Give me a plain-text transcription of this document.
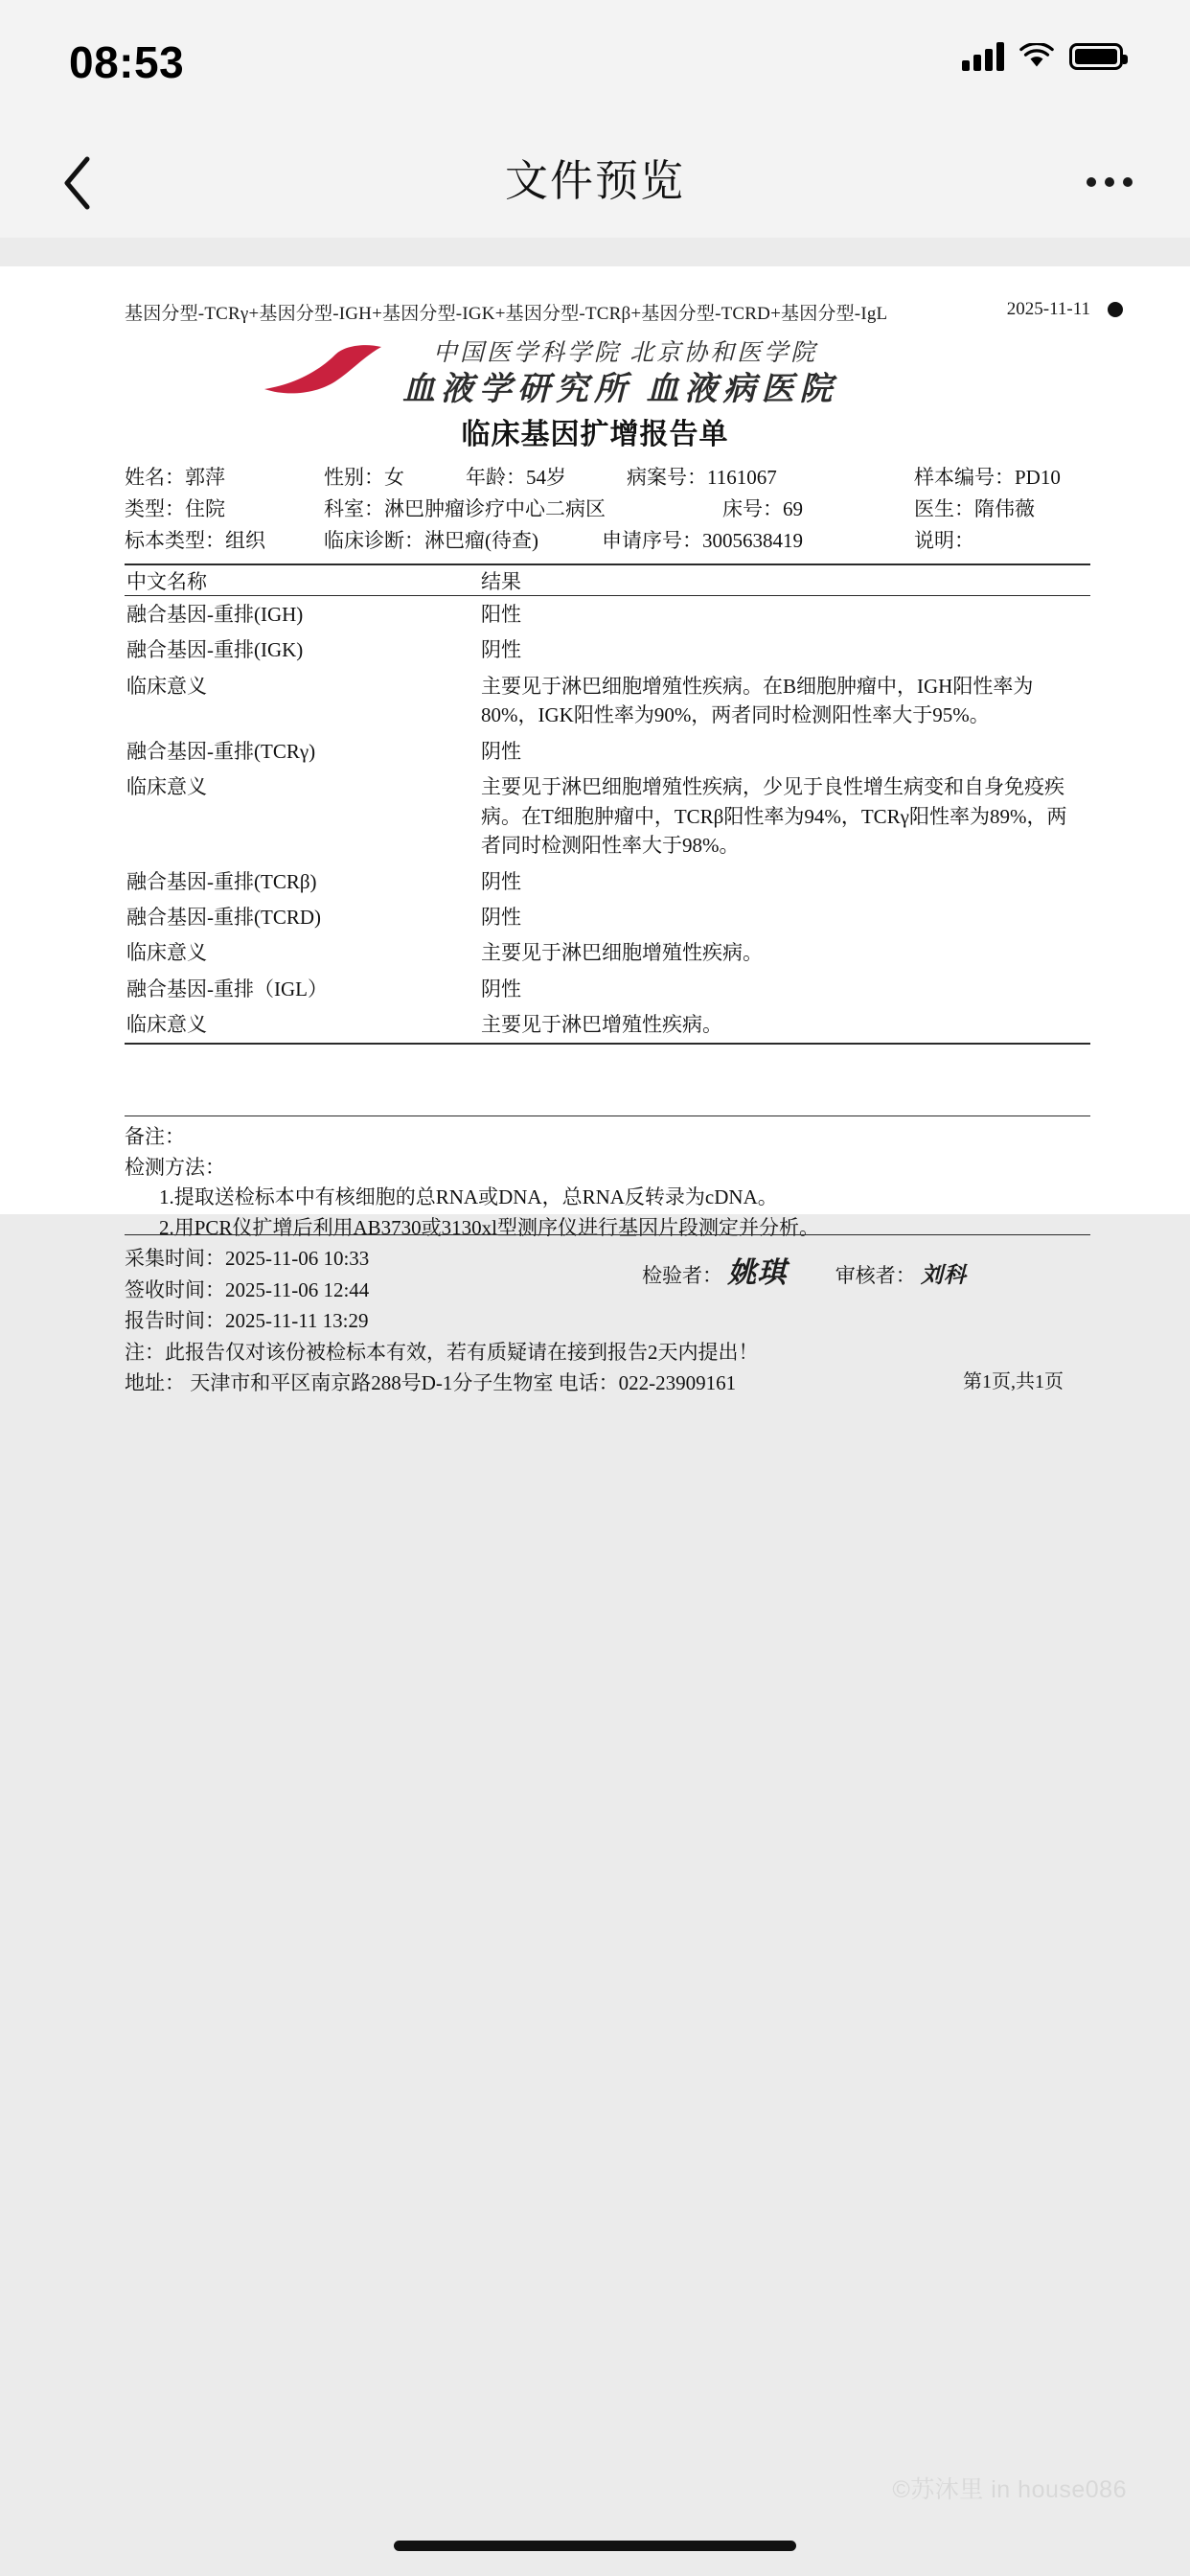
08:53
文件预览
基因分型-TCRγ+基因分型-IGH+基因分型-IGK+基因分型-TCRβ+基因分型-TCRD+基因分型-IgL	2025-11-11
中国医学科学院 北京协和医学院
血液学研究所 血液病医院
临床基因扩增报告单
姓名：郭萍	性别：女	年龄：54岁	病案号：1161067	样本编号：PD10
类型：住院	科室：淋巴肿瘤诊疗中心二病区	床号：69	医生：隋伟薇
标本类型：组织	临床诊断：淋巴瘤(待查)	申请序号：3005638419	说明：
中文名称	结果
融合基因-重排(IGH)	阳性
融合基因-重排(IGK)	阴性
临床意义	主要见于淋巴细胞增殖性疾病。在B细胞肿瘤中，IGH阳性率为80%，IGK阳性率为90%，两者同时检测阳性率大于95%。
融合基因-重排(TCRγ)	阴性
临床意义	主要见于淋巴细胞增殖性疾病，少见于良性增生病变和自身免疫疾病。在T细胞肿瘤中，TCRβ阳性率为94%，TCRγ阳性率为89%，两者同时检测阳性率大于98%。
融合基因-重排(TCRβ)	阴性
融合基因-重排(TCRD)	阴性
临床意义	主要见于淋巴细胞增殖性疾病。
融合基因-重排（IGL）	阴性
临床意义	主要见于淋巴增殖性疾病。
备注：
检测方法：
1.提取送检标本中有核细胞的总RNA或DNA，总RNA反转录为cDNA。
2.用PCR仪扩增后利用AB3730或3130xl型测序仪进行基因片段测定并分析。
采集时间：2025-11-06 10:33
签收时间：2025-11-06 12:44
报告时间：2025-11-11 13:29
注：此报告仅对该份被检标本有效，若有质疑请在接到报告2天内提出！
地址： 天津市和平区南京路288号D-1分子生物室 电话：022-23909161
检验者： 姚琪 审核者： 刘科
第1页,共1页
©苏沐里 in house086
